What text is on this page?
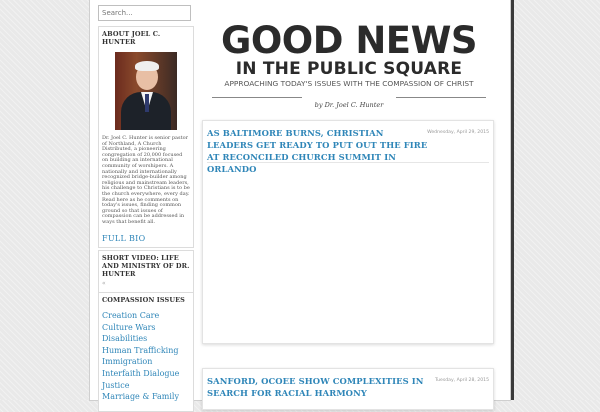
Search...
ABOUT JOEL C. HUNTER

Dr. Joel C. Hunter is senior pastor of Northland, A Church Distributed, a pioneering congregation of 20,000 focused on building an international community of worshipers. A nationally and internationally recognized bridge-builder among religious and mainstream leaders, his challenge to Christians is to be the church everywhere, every day. Read here as he comments on today's issues, finding common ground so that issues of compassion can be addressed in ways that benefit all.

FULL BIO
SHORT VIDEO: LIFE AND MINISTRY OF DR. HUNTER
«
COMPASSION ISSUES
Creation Care
Culture Wars
Disabilities
Human Trafficking
Immigration
Interfaith Dialogue
Justice
Marriage & Family
GOOD NEWS
IN THE PUBLIC SQUARE
APPROACHING TODAY'S ISSUES WITH THE COMPASSION OF CHRIST
by Dr. Joel C. Hunter
AS BALTIMORE BURNS, CHRISTIAN LEADERS GET READY TO PUT OUT THE FIRE AT RECONCILED CHURCH SUMMIT IN ORLANDO
Wednesday, April 29, 2015
SANFORD, OCOEE SHOW COMPLEXITIES IN SEARCH FOR RACIAL HARMONY
Tuesday, April 28, 2015
